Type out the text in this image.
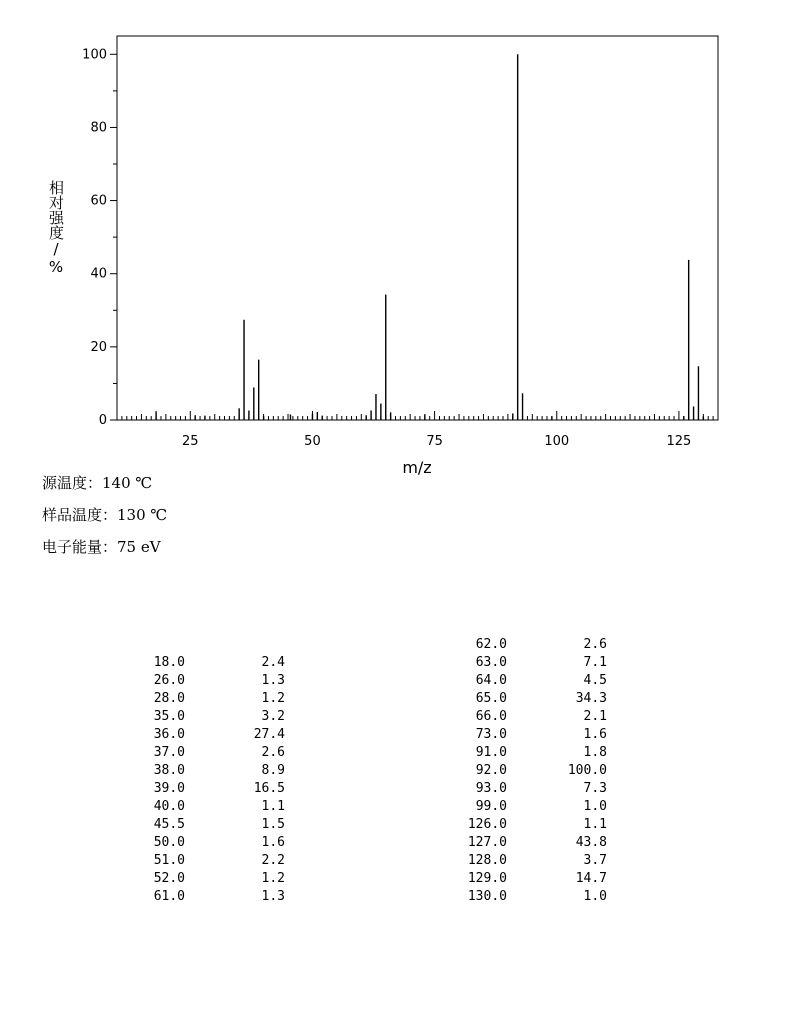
0
20
40
60
80
100
25	50	75	100	125
m/z
相对强度/%
源温度：140 ℃
样品温度：130 ℃
电子能量：75 eV
18.0	2.4
26.0	1.3
28.0	1.2
35.0	3.2
36.0	27.4
37.0	2.6
38.0	8.9
39.0	16.5
40.0	1.1
45.5	1.5
50.0	1.6
51.0	2.2
52.0	1.2
61.0	1.3
62.0	2.6
63.0	7.1
64.0	4.5
65.0	34.3
66.0	2.1
73.0	1.6
91.0	1.8
92.0	100.0
93.0	7.3
99.0	1.0
126.0	1.1
127.0	43.8
128.0	3.7
129.0	14.7
130.0	1.0
